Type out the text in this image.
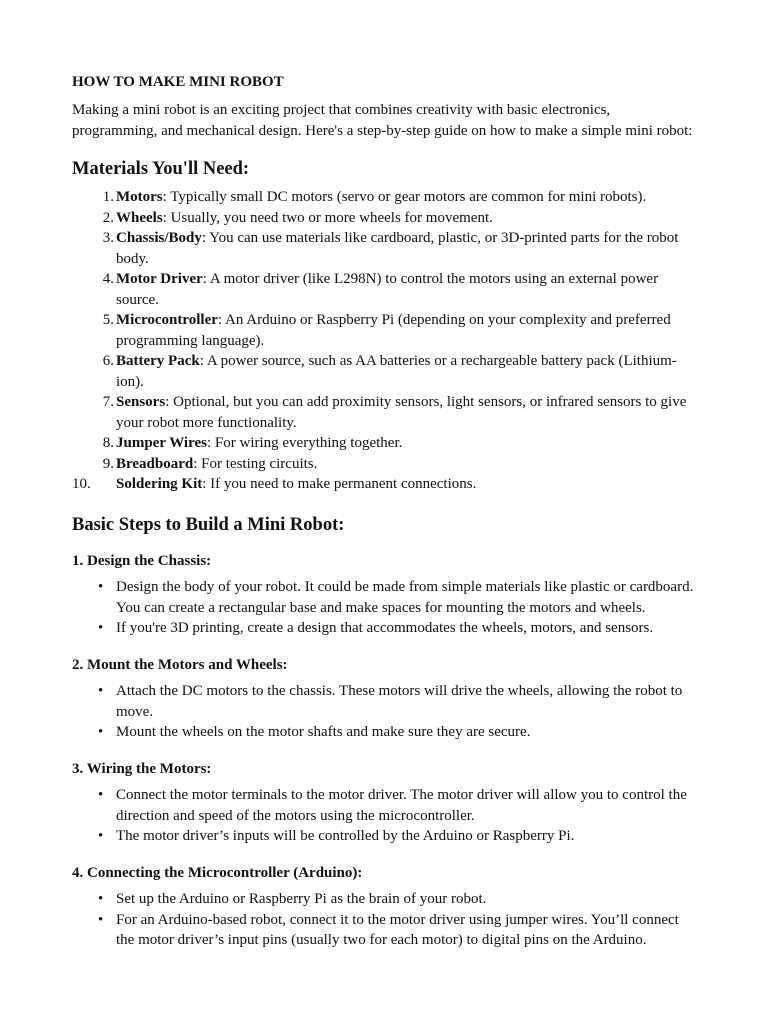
HOW TO MAKE MINI ROBOT

Making a mini robot is an exciting project that combines creativity with basic electronics, programming, and mechanical design. Here's a step-by-step guide on how to make a simple mini robot:

Materials You'll Need:
1. Motors: Typically small DC motors (servo or gear motors are common for mini robots).
2. Wheels: Usually, you need two or more wheels for movement.
3. Chassis/Body: You can use materials like cardboard, plastic, or 3D-printed parts for the robot body.
4. Motor Driver: A motor driver (like L298N) to control the motors using an external power source.
5. Microcontroller: An Arduino or Raspberry Pi (depending on your complexity and preferred programming language).
6. Battery Pack: A power source, such as AA batteries or a rechargeable battery pack (Lithium-ion).
7. Sensors: Optional, but you can add proximity sensors, light sensors, or infrared sensors to give your robot more functionality.
8. Jumper Wires: For wiring everything together.
9. Breadboard: For testing circuits.
10.	Soldering Kit: If you need to make permanent connections.
Basic Steps to Build a Mini Robot:
1. Design the Chassis:
• Design the body of your robot. It could be made from simple materials like plastic or cardboard. You can create a rectangular base and make spaces for mounting the motors and wheels.
• If you're 3D printing, create a design that accommodates the wheels, motors, and sensors.
2. Mount the Motors and Wheels:
• Attach the DC motors to the chassis. These motors will drive the wheels, allowing the robot to move.
• Mount the wheels on the motor shafts and make sure they are secure.
3. Wiring the Motors:
• Connect the motor terminals to the motor driver. The motor driver will allow you to control the direction and speed of the motors using the microcontroller.
• The motor driver’s inputs will be controlled by the Arduino or Raspberry Pi.
4. Connecting the Microcontroller (Arduino):
• Set up the Arduino or Raspberry Pi as the brain of your robot.
• For an Arduino-based robot, connect it to the motor driver using jumper wires. You’ll connect the motor driver’s input pins (usually two for each motor) to digital pins on the Arduino.
